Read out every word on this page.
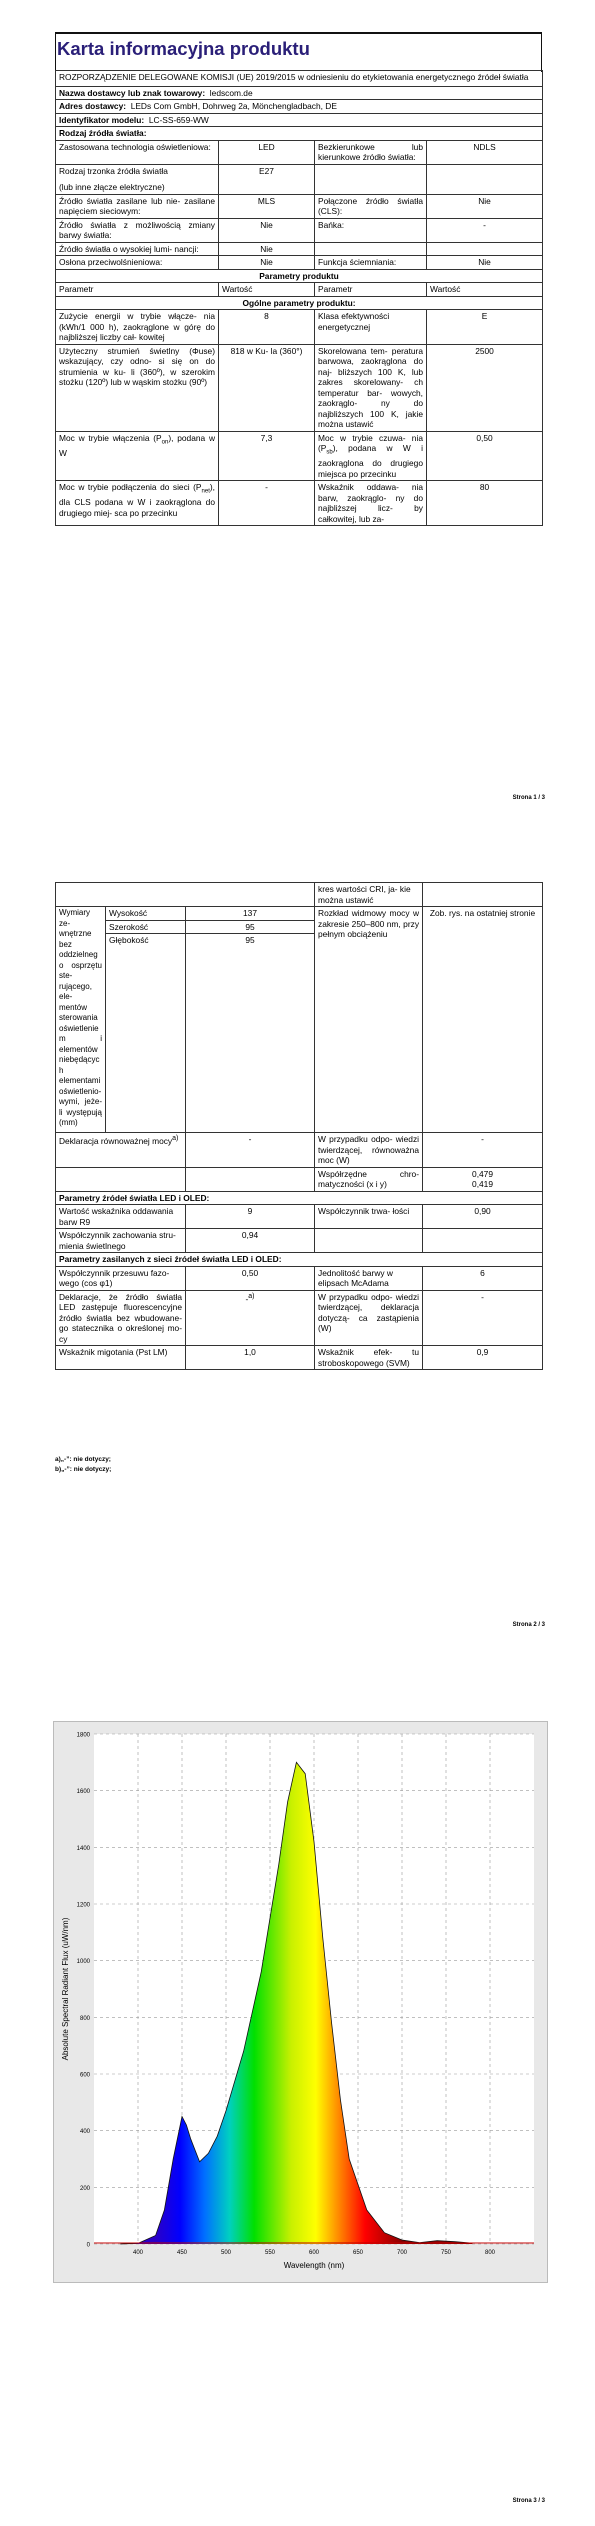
Karta informacyjna produktu
ROZPORZĄDZENIE DELEGOWANE KOMISJI (UE) 2019/2015 w odniesieniu do etykietowania energetycznego źródeł światła			
Nazwa dostawcy lub znak towarowy: ledscom.de			
Adres dostawcy: LEDs Com GmbH, Dohrweg 2a, Mönchengladbach, DE			
Identyfikator modelu: LC-SS-659-WW			
Rodzaj źródła światła:			
Zastosowana technologia oświetleniowa:	LED	Bezkierunkowe lub kierunkowe źródło światła:	NDLS

Rodzaj trzonka źródła światła
(lub inne złącze elektryczne)	E27		
Źródło światła zasilane lub nie- zasilane napięciem sieciowym:	MLS	Połączone źródło światła (CLS):	Nie
Źródło światła z możliwością zmiany barwy światła:	Nie	Bańka:	-
Źródło światła o wysokiej lumi- nancji:	Nie		
Osłona przeciwolśnieniowa:	Nie	Funkcja ściemniania:	Nie
Parametry produktu			
Parametr	Wartość	Parametr	Wartość
Ogólne parametry produktu:			
Zużycie energii w trybie włącze- nia (kWh/1 000 h), zaokrąglone w górę do najbliższej liczby cał- kowitej	8	Klasa efektywności energetycznej	E
Użyteczny strumień świetlny (Φuse) wskazujący, czy odno- si się on do strumienia w ku- li (360º), w szerokim stożku (120º) lub w wąskim stożku (90º)	818 w Ku- la (360°)	Skorelowana tem- peratura barwowa, zaokrąglona do naj- bliższych 100 K, lub zakres skorelowany- ch temperatur bar- wowych, zaokrąglo- ny do najbliższych 100 K, jakie można ustawić	2500
Moc w trybie włączenia $(P_{on})$, podana w W	7,3	Moc w trybie czuwa- nia $(P_{sb})$, podana w W i zaokrąglona do drugiego miejsca po przecinku	0,50
Moc w trybie podłączenia do sieci $(P_{net})$, dla CLS podana w W i zaokrąglona do drugiego miej- sca po przecinku	-	Wskaźnik oddawa- nia barw, zaokrąglo- ny do najbliższej licz- by całkowitej, lub za-	80
Strona 1 / 3
			kres wartości CRI, ja- kie można ustawić	
Wymiary ze- wnętrzne bez oddzielnego osprzętu ste- rującego, ele- mentów sterowania oświetleniem i elementów niebędących elementami oświetlenio- wymi, jeże- li występują (mm)	Wysokość	137	Rozkład widmowy mocy w zakresie 250–800 nm, przy pełnym obciążeniu	Zob. rys. na ostatniej stronie
	Szerokość	95		
	Głębokość	95		
Deklaracja równoważnej mocy$^{a)}$		-	W przypadku odpo- wiedzi twierdzącej, równoważna moc (W)	-
			Współrzędne chro- matyczności (x i y)	0,479
0,419

Parametry źródeł światła LED i OLED:				
Wartość wskaźnika oddawania barw R9		9	Współczynnik trwa- łości	0,90
Współczynnik zachowania stru- mienia świetlnego		0,94		
Parametry zasilanych z sieci źródeł światła LED i OLED:				
Współczynnik przesuwu fazo- wego (cos φ1)		0,50	Jednolitość barwy w elipsach McAdama	6
Deklaracje, że źródło światła LED zastępuje fluorescencyjne źródło światła bez wbudowane- go statecznika o określonej mo- cy		-$^{a)}$	W przypadku odpo- wiedzi twierdzącej, deklaracja dotyczą- ca zastąpienia (W)	-
Wskaźnik migotania (Pst LM)		1,0	Wskaźnik efek- tu stroboskopowego (SVM)	0,9
a)„-”: nie dotyczy;
b)„-”: nie dotyczy;
Strona 2 / 3
0
200
400
600
800
1000
1200
1400
1600
1800
400	450	500	550	600	650	700	750	800
Absolute Spectral Radiant Flux (uW/nm)
Wavelength (nm)
Strona 3 / 3
